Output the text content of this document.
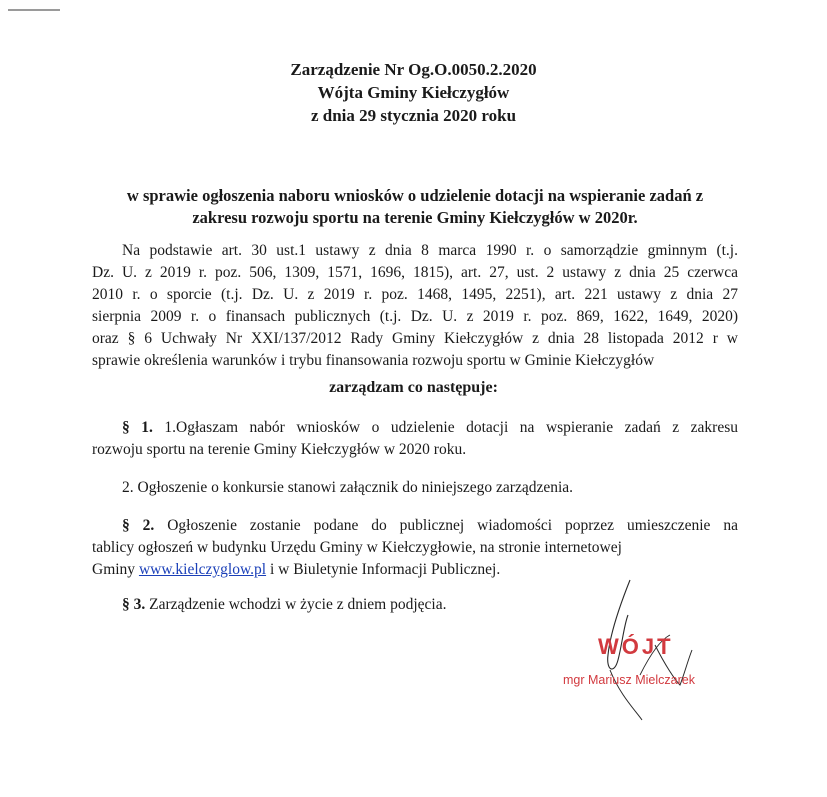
Zarządzenie Nr Og.O.0050.2.2020
Wójta Gminy Kiełczygłów
z dnia 29 stycznia 2020 roku
w sprawie ogłoszenia naboru wniosków o udzielenie dotacji na wspieranie zadań z
zakresu rozwoju sportu na terenie Gminy Kiełczygłów w 2020r.
Na podstawie art. 30 ust.1 ustawy z dnia 8 marca 1990 r. o samorządzie gminnym (t.j.
Dz. U. z 2019 r. poz. 506, 1309, 1571, 1696, 1815), art. 27, ust. 2 ustawy z dnia 25 czerwca
2010 r. o sporcie (t.j. Dz. U. z 2019 r. poz. 1468, 1495, 2251), art. 221 ustawy z dnia 27
sierpnia 2009 r. o finansach publicznych (t.j. Dz. U. z 2019 r. poz. 869, 1622, 1649, 2020)
oraz § 6 Uchwały Nr XXI/137/2012 Rady Gminy Kiełczygłów z dnia 28 listopada 2012 r w
sprawie określenia warunków i trybu finansowania rozwoju sportu w Gminie Kiełczygłów
zarządzam co następuje:
§ 1. 1.Ogłaszam nabór wniosków o udzielenie dotacji na wspieranie zadań z zakresu
rozwoju sportu na terenie Gminy Kiełczygłów w 2020 roku.
2. Ogłoszenie o konkursie stanowi załącznik do niniejszego zarządzenia.
§ 2. Ogłoszenie zostanie podane do publicznej wiadomości poprzez umieszczenie na
tablicy ogłoszeń w budynku Urzędu Gminy w Kiełczygłowie, na stronie internetowej
Gminy www.kielczyglow.pl i w Biuletynie Informacji Publicznej.
§ 3. Zarządzenie wchodzi w życie z dniem podjęcia.
WÓJT
mgr Mariusz Mielczarek
